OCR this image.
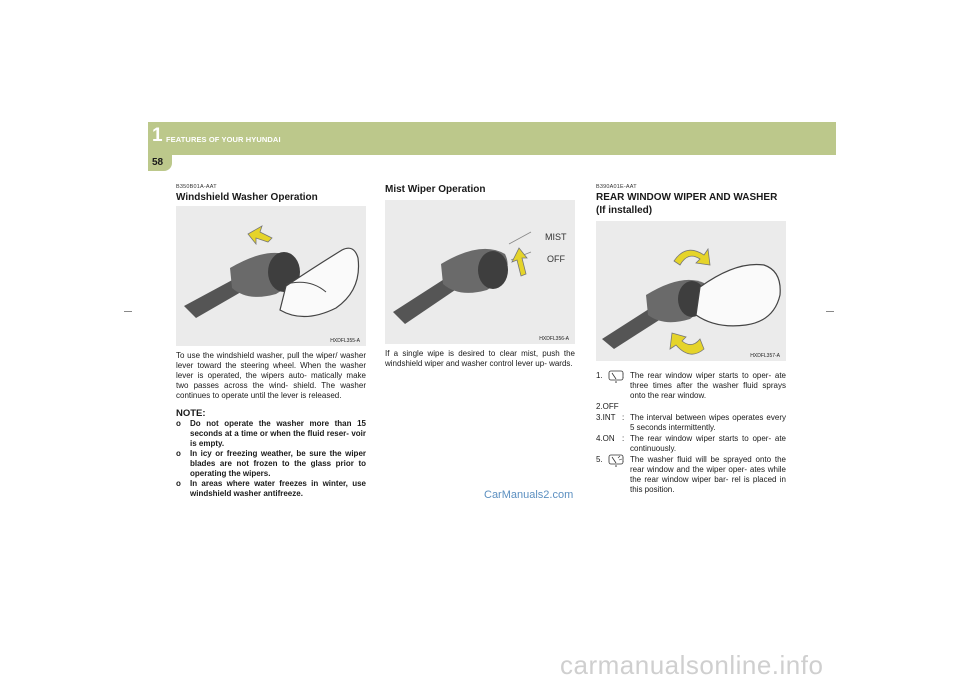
1 FEATURES OF YOUR HYUNDAI
58
B350B01A-AAT
Windshield Washer Operation
HXDFL355-A
To use the windshield washer, pull the wiper/ washer lever toward the steering wheel. When the washer lever is operated, the wipers auto- matically make two passes across the wind- shield. The washer continues to operate until the lever is released.
NOTE:
o Do not operate the washer more than 15 seconds at a time or when the fluid reser- voir is empty.
o In icy or freezing weather, be sure the wiper blades are not frozen to the glass prior to operating the wipers.
o In areas where water freezes in winter, use windshield washer antifreeze.
Mist Wiper Operation
MIST
OFF
HXDFL356-A
If a single wipe is desired to clear mist, push the windshield wiper and washer control lever up- wards.
B390A01E-AAT
REAR WINDOW WIPER AND WASHER
(If installed)
HXDFL357-A
1.	: The rear window wiper starts to oper- ate three times after the washer fluid sprays onto the rear window.
2.OFF
3.INT : The interval between wipes operates every 5 seconds intermittently.
4.ON : The rear window wiper starts to oper- ate continuously.
5.	: The washer fluid will be sprayed onto the rear window and the wiper oper- ates while the rear window wiper bar- rel is placed in this position.
CarManuals2.com
carmanualsonline.info
